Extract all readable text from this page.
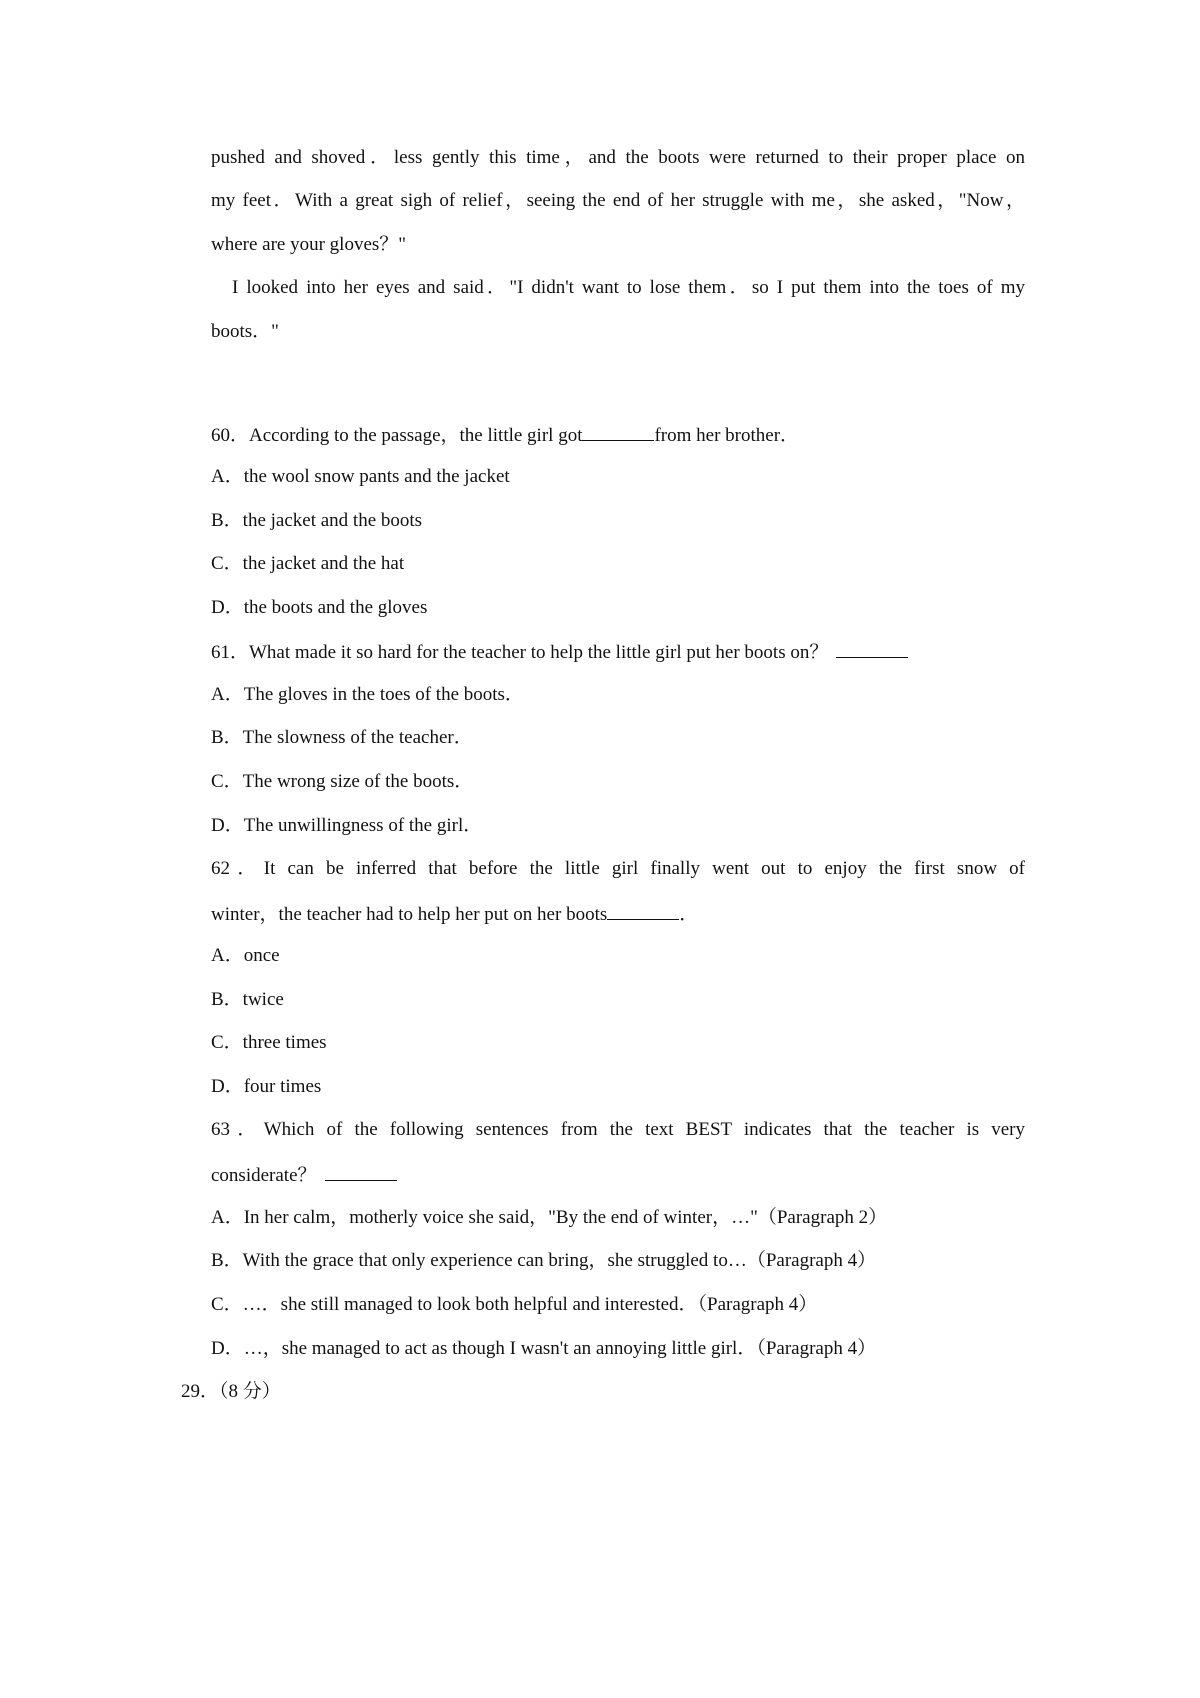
pushed and shoved．less gently this time，and the boots were returned to their proper place on
my feet．With a great sigh of relief，seeing the end of her struggle with me，she asked，"Now，
where are your gloves？"
I looked into her eyes and said．"I didn't want to lose them．so I put them into the toes of my
boots．"
60．According to the passage，the little girl got	from her brother．
A．the wool snow pants and the jacket
B．the jacket and the boots
C．the jacket and the hat
D．the boots and the gloves
61．What made it so hard for the teacher to help the little girl put her boots on？
A．The gloves in the toes of the boots．
B．The slowness of the teacher．
C．The wrong size of the boots．
D．The unwillingness of the girl．
62．It can be inferred that before the little girl finally went out to enjoy the first snow of
winter，the teacher had to help her put on her boots	．
A．once
B．twice
C．three times
D．four times
63．Which of the following sentences from the text BEST indicates that the teacher is very
considerate？
A．In her calm，motherly voice she said，"By the end of winter，…"（Paragraph 2）
B．With the grace that only experience can bring，she struggled to…（Paragraph 4）
C．…．she still managed to look both helpful and interested．（Paragraph 4）
D．…，she managed to act as though I wasn't an annoying little girl．（Paragraph 4）
29．（8 分）
